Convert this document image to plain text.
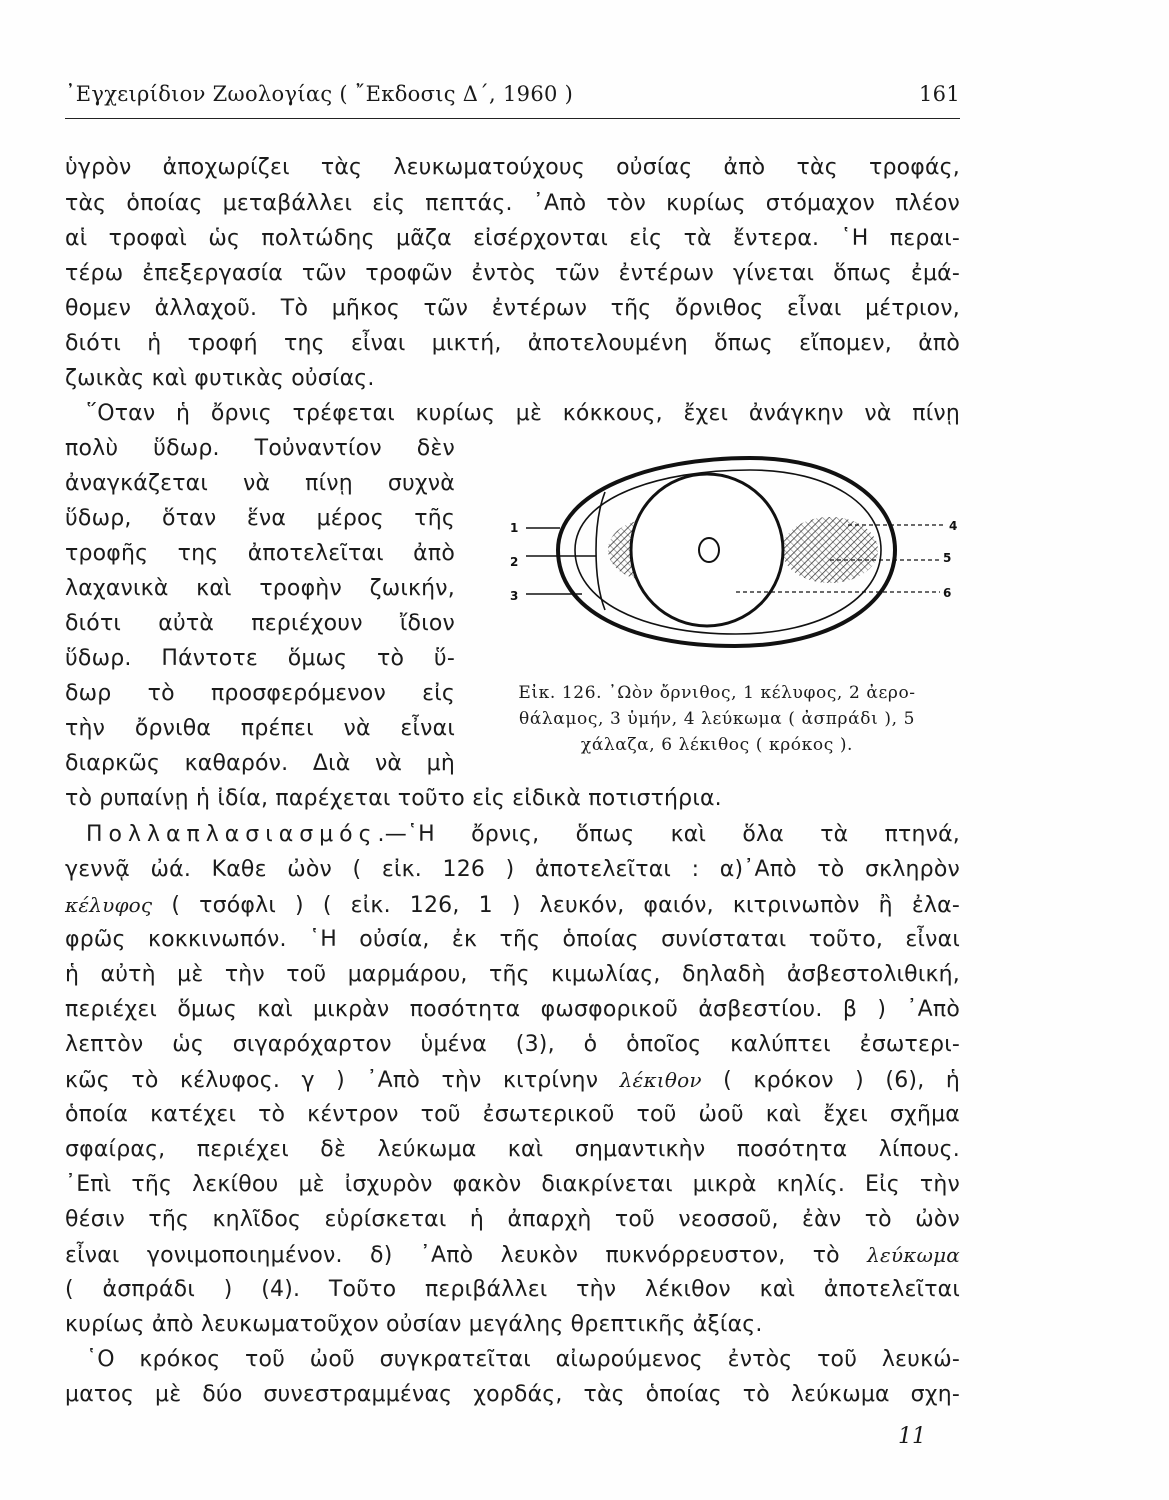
᾿Εγχειρίδιον Ζωολογίας ( ῎Εκδοσις Δ΄, 1960 )	161
ὑγρὸν ἀποχωρίζει τὰς λευκωματούχους οὐσίας ἀπὸ τὰς τροφάς,
τὰς ὁποίας μεταβάλλει εἰς πεπτάς. ᾿Απὸ τὸν κυρίως στόμαχον πλέον
αἱ τροφαὶ ὡς πολτώδης μᾶζα εἰσέρχονται εἰς τὰ ἔντερα. ῾Η περαι-
τέρω ἐπεξεργασία τῶν τροφῶν ἐντὸς τῶν ἐντέρων γίνεται ὅπως ἐμά-
θομεν ἀλλαχοῦ. Τὸ μῆκος τῶν ἐντέρων τῆς ὄρνιθος εἶναι μέτριον,
διότι ἡ τροφή της εἶναι μικτή, ἀποτελουμένη ὅπως εἴπομεν, ἀπὸ
ζωικὰς καὶ φυτικὰς οὐσίας.
῞Οταν ἡ ὄρνις τρέφεται κυρίως μὲ κόκκους, ἔχει ἀνάγκην νὰ πίνῃ
πολὺ ὕδωρ. Τοὐναντίον δὲν
ἀναγκάζεται νὰ πίνῃ συχνὰ
ὕδωρ, ὅταν ἕνα μέρος τῆς
τροφῆς της ἀποτελεῖται ἀπὸ
λαχανικὰ καὶ τροφὴν ζωικήν,
διότι αὐτὰ περιέχουν ἴδιον
ὕδωρ. Πάντοτε ὅμως τὸ ὕ-
δωρ τὸ προσφερόμενον εἰς
τὴν ὄρνιθα πρέπει νὰ εἶναι
διαρκῶς καθαρόν. Διὰ νὰ μὴ
τὸ ρυπαίνῃ ἡ ἰδία, παρέχεται τοῦτο εἰς εἰδικὰ ποτιστήρια.
1
2
3
4
5
6
Εἰκ. 126. ᾿Ωὸν ὄρνιθος, 1 κέλυφος, 2 ἀερο-
θάλαμος, 3 ὑμήν, 4 λεύκωμα ( ἀσπράδι ), 5
χάλαζα, 6 λέκιθος ( κρόκος ).
Πολλαπλασιασμός.—῾Η ὄρνις, ὅπως καὶ ὅλα τὰ πτηνά,
γεννᾷ ὠά. Καθε ὠὸν ( εἰκ. 126 ) ἀποτελεῖται : α)᾿Απὸ τὸ σκληρὸν
κέλυφος ( τσόφλι ) ( εἰκ. 126, 1 ) λευκόν, φαιόν, κιτρινωπὸν ἢ ἐλα-
φρῶς κοκκινωπόν. ῾Η οὐσία, ἐκ τῆς ὁποίας συνίσταται τοῦτο, εἶναι
ἡ αὐτὴ μὲ τὴν τοῦ μαρμάρου, τῆς κιμωλίας, δηλαδὴ ἀσβεστολιθική,
περιέχει ὅμως καὶ μικρὰν ποσότητα φωσφορικοῦ ἀσβεστίου. β ) ᾿Απὸ
λεπτὸν ὡς σιγαρόχαρτον ὑμένα (3), ὁ ὁποῖος καλύπτει ἐσωτερι-
κῶς τὸ κέλυφος. γ ) ᾿Απὸ τὴν κιτρίνην λέκιθον ( κρόκον ) (6), ἡ
ὁποία κατέχει τὸ κέντρον τοῦ ἐσωτερικοῦ τοῦ ὠοῦ καὶ ἔχει σχῆμα
σφαίρας, περιέχει δὲ λεύκωμα καὶ σημαντικὴν ποσότητα λίπους.
᾿Επὶ τῆς λεκίθου μὲ ἰσχυρὸν φακὸν διακρίνεται μικρὰ κηλίς. Εἰς τὴν
θέσιν τῆς κηλῖδος εὑρίσκεται ἡ ἀπαρχὴ τοῦ νεοσσοῦ, ἐὰν τὸ ὠὸν
εἶναι γονιμοποιημένον. δ) ᾿Απὸ λευκὸν πυκνόρρευστον, τὸ λεύκωμα
( ἀσπράδι ) (4). Τοῦτο περιβάλλει τὴν λέκιθον καὶ ἀποτελεῖται
κυρίως ἀπὸ λευκωματοῦχον οὐσίαν μεγάλης θρεπτικῆς ἀξίας.
῾Ο κρόκος τοῦ ὠοῦ συγκρατεῖται αἰωρούμενος ἐντὸς τοῦ λευκώ-
ματος μὲ δύο συνεστραμμένας χορδάς, τὰς ὁποίας τὸ λεύκωμα σχη-
11
